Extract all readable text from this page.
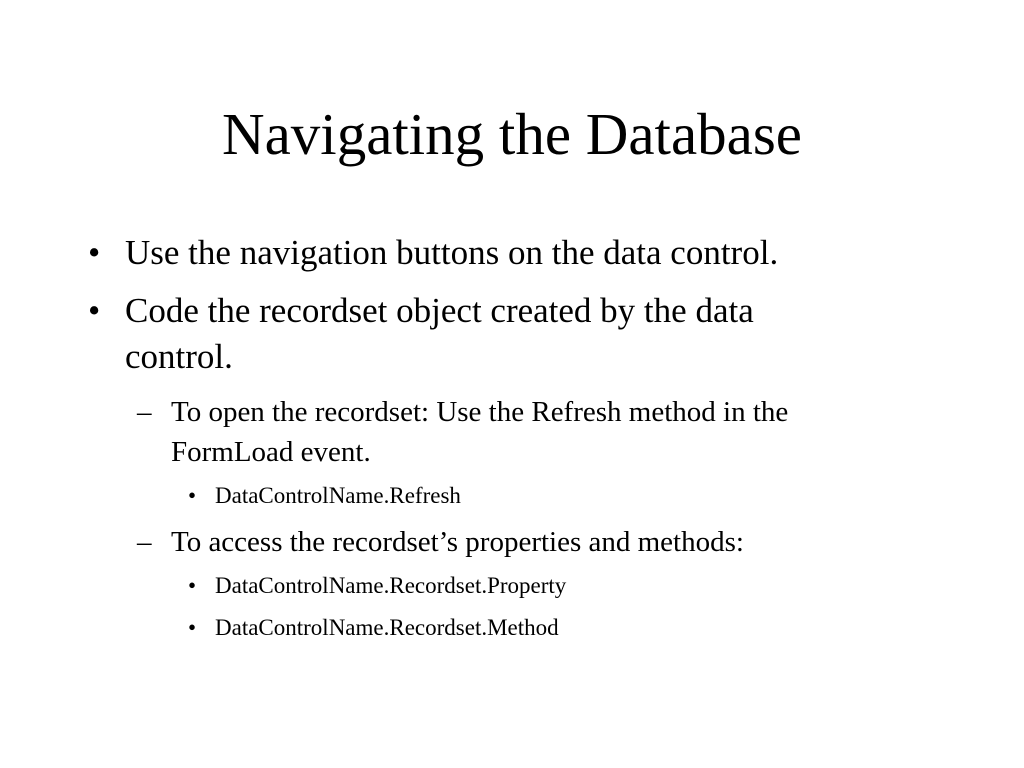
Navigating the Database

• Use the navigation buttons on the data control.

• Code the recordset object created by the data control.

– To open the recordset: Use the Refresh method in the FormLoad event.

• DataControlName.Refresh

– To access the recordset’s properties and methods:

• DataControlName.Recordset.Property

• DataControlName.Recordset.Method
